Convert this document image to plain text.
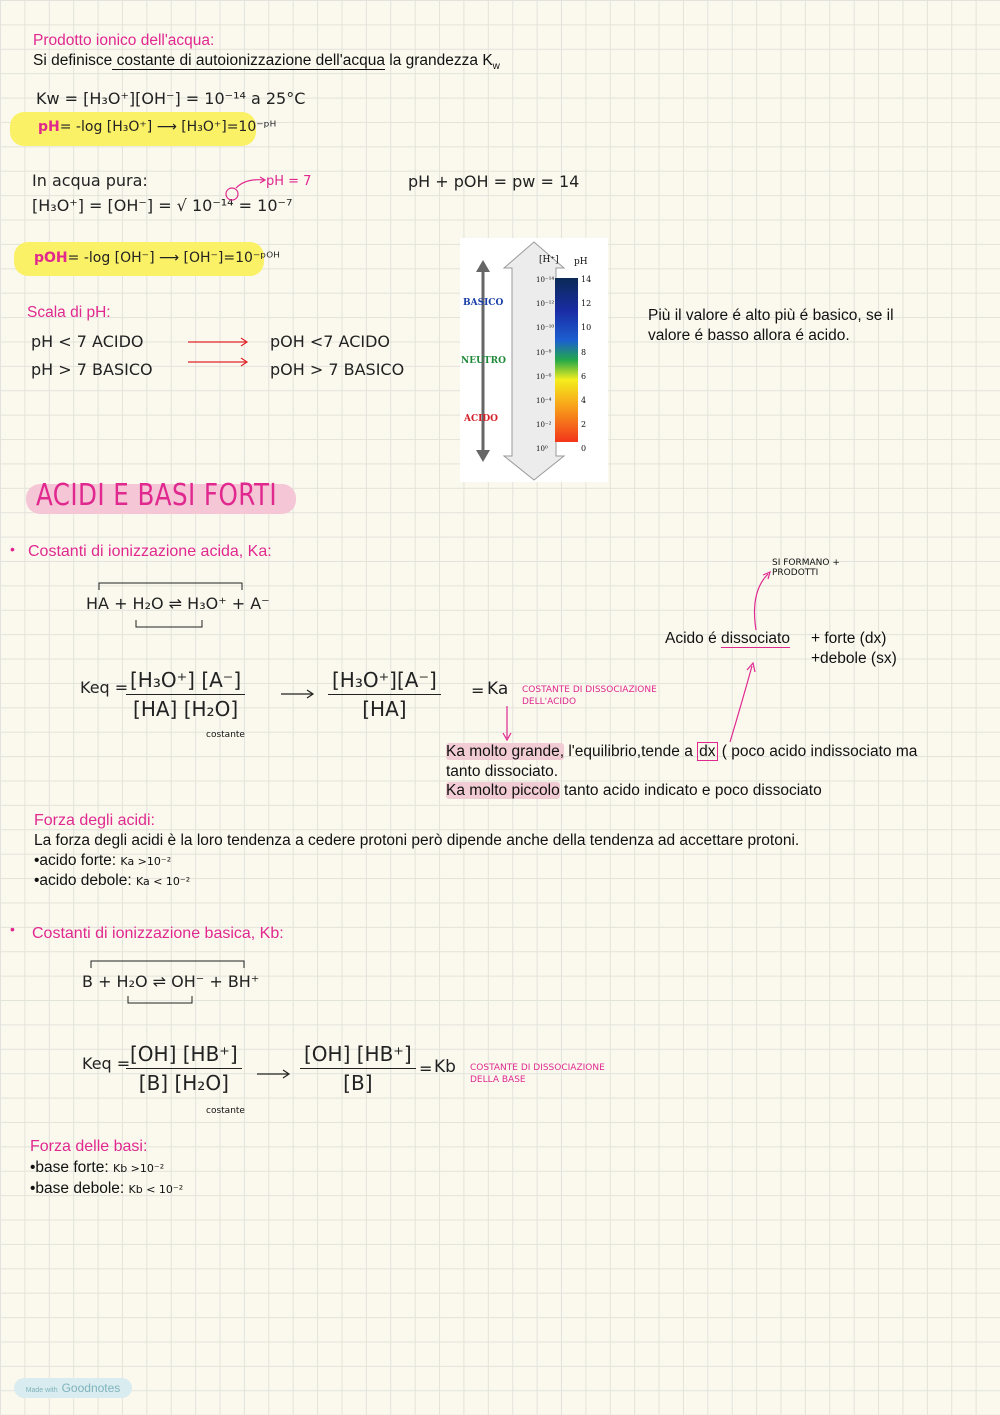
Prodotto ionico dell'acqua:
Si definisce costante di autoionizzazione dell'acqua la grandezza $K_w$
Kw = [H₃O⁺][OH⁻] = 10⁻¹⁴ a 25°C
pH= -log [H₃O⁺] ⟶ [H₃O⁺]=10⁻ᵖᴴ
In acqua pura:
[H₃O⁺] = [OH⁻] = √ 10⁻¹⁴ = 10⁻⁷
pH = 7	pH + pOH = pw = 14
pOH= -log [OH⁻] ⟶ [OH⁻]=10⁻ᵖᴼᴴ
Scala di pH:
pH < 7 ACIDO
pH > 7 BASICO
pOH <7 ACIDO
pOH > 7 BASICO
Più il valore é alto più é basico, se il valore é basso allora é acido.
BASICO
NEUTRO
ACIDO
[H⁺] pH
10⁻¹⁴
10⁻¹²
10⁻¹⁰
10⁻⁸
10⁻⁶
10⁻⁴
10⁻²
10⁰
14
12
10
8
6
4
2
0
ACIDI E BASI FORTI
• Costanti di ionizzazione acida, Ka:
HA + H₂O ⇌ H₃O⁺ + A⁻
Keq =
$\frac{\text{[H₃O⁺] [A⁻]}}{\text{[HA] [H₂O]}}$
costante
$\frac{\text{[H₃O⁺][A⁻]}}{[HA]} = Ka$ COSTANTE DI DISSOCIAZIONE DELL'ACIDO
SI FORMANO + PRODOTTI
Acido é dissociato + forte (dx)
+debole (sx)
Ka molto grande, l'equilibrio,tende a dx ( poco acido indissociato ma
tanto dissociato.
Ka molto piccolo tanto acido indicato e poco dissociato
Forza degli acidi:
La forza degli acidi è la loro tendenza a cedere protoni però dipende anche della tendenza ad accettare protoni.
•acido forte: Ka >10⁻²
•acido debole: Ka < 10⁻²
• Costanti di ionizzazione basica, Kb:
B + H₂O ⇌ OH⁻ + BH⁺
Keq =
$\frac{[OH] [HB^+]}{\text{[B] [H₂O]}}$
costante
$\frac{[OH] [HB^+]}{[B]} = Kb$ COSTANTE DI DISSOCIAZIONE DELLA BASE
Forza delle basi:
•base forte: Kb >10⁻²
•base debole: Kb < 10⁻²
Made with Goodnotes
